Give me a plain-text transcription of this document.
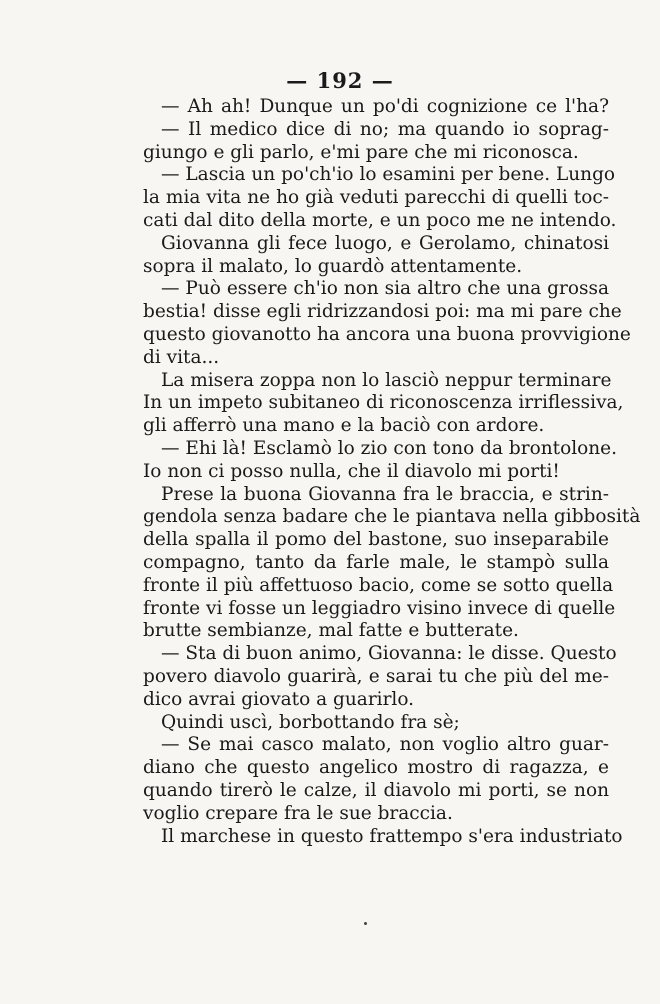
— 192 —
— Ah ah! Dunque un po'di cognizione ce l'ha?
— Il medico dice di no; ma quando io soprag-
giungo e gli parlo, e'mi pare che mi riconosca.
— Lascia un po'ch'io lo esamini per bene. Lungo
la mia vita ne ho già veduti parecchi di quelli toc-
cati dal dito della morte, e un poco me ne intendo.
Giovanna gli fece luogo, e Gerolamo, chinatosi
sopra il malato, lo guardò attentamente.
— Può essere ch'io non sia altro che una grossa
bestia! disse egli ridrizzandosi poi: ma mi pare che
questo giovanotto ha ancora una buona provvigione
di vita...
La misera zoppa non lo lasciò neppur terminare
In un impeto subitaneo di riconoscenza irriflessiva,
gli afferrò una mano e la baciò con ardore.
— Ehi là! Esclamò lo zio con tono da brontolone.
Io non ci posso nulla, che il diavolo mi porti!
Prese la buona Giovanna fra le braccia, e strin-
gendola senza badare che le piantava nella gibbosità
della spalla il pomo del bastone, suo inseparabile
compagno, tanto da farle male, le stampò sulla
fronte il più affettuoso bacio, come se sotto quella
fronte vi fosse un leggiadro visino invece di quelle
brutte sembianze, mal fatte e butterate.
— Sta di buon animo, Giovanna: le disse. Questo
povero diavolo guarirà, e sarai tu che più del me-
dico avrai giovato a guarirlo.
Quindi uscì, borbottando fra sè;
— Se mai casco malato, non voglio altro guar-
diano che questo angelico mostro di ragazza, e
quando tirerò le calze, il diavolo mi porti, se non
voglio crepare fra le sue braccia.
Il marchese in questo frattempo s'era industriato
